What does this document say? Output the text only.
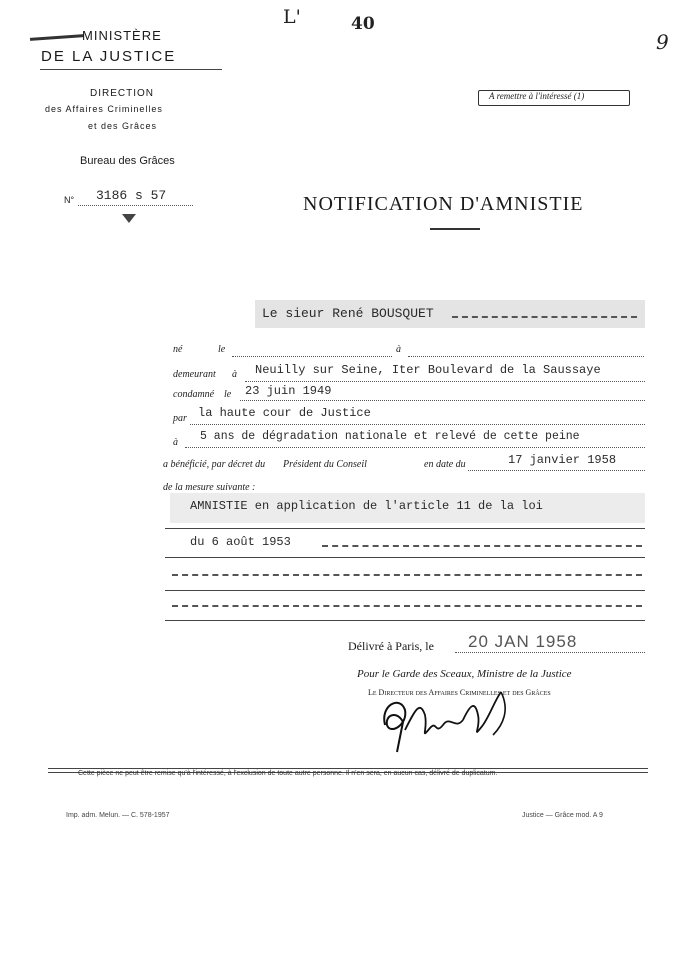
L'	40
9
MINISTÈRE
DE LA JUSTICE
DIRECTION
des Affaires Criminelles
et des Grâces
Bureau des Grâces
N° 3186 s 57
A remettre à l'intéressé (1)
NOTIFICATION D'AMNISTIE
Le sieur René BOUSQUET
né	le	à
demeurant à Neuilly sur Seine, Iter Boulevard de la Saussaye
condamné le 23 juin 1949
par la haute cour de Justice
à 5 ans de dégradation nationale et relevé de cette peine
a bénéficié, par décret du Président du Conseil	en date du	17 janvier 1958
de la mesure suivante :
AMNISTIE en application de l'article 11 de la loi
du 6 août 1953
Délivré à Paris, le 20 JAN 1958
Pour le Garde des Sceaux, Ministre de la Justice
Le Directeur des Affaires Criminelles et des Grâces
Cette pièce ne peut être remise qu'à l'intéressé, à l'exclusion de toute autre personne. Il n'en sera, en aucun cas, délivré de duplicatum.
Imp. adm. Melun. — C. 578-1957	Justice — Grâce mod. A 9
